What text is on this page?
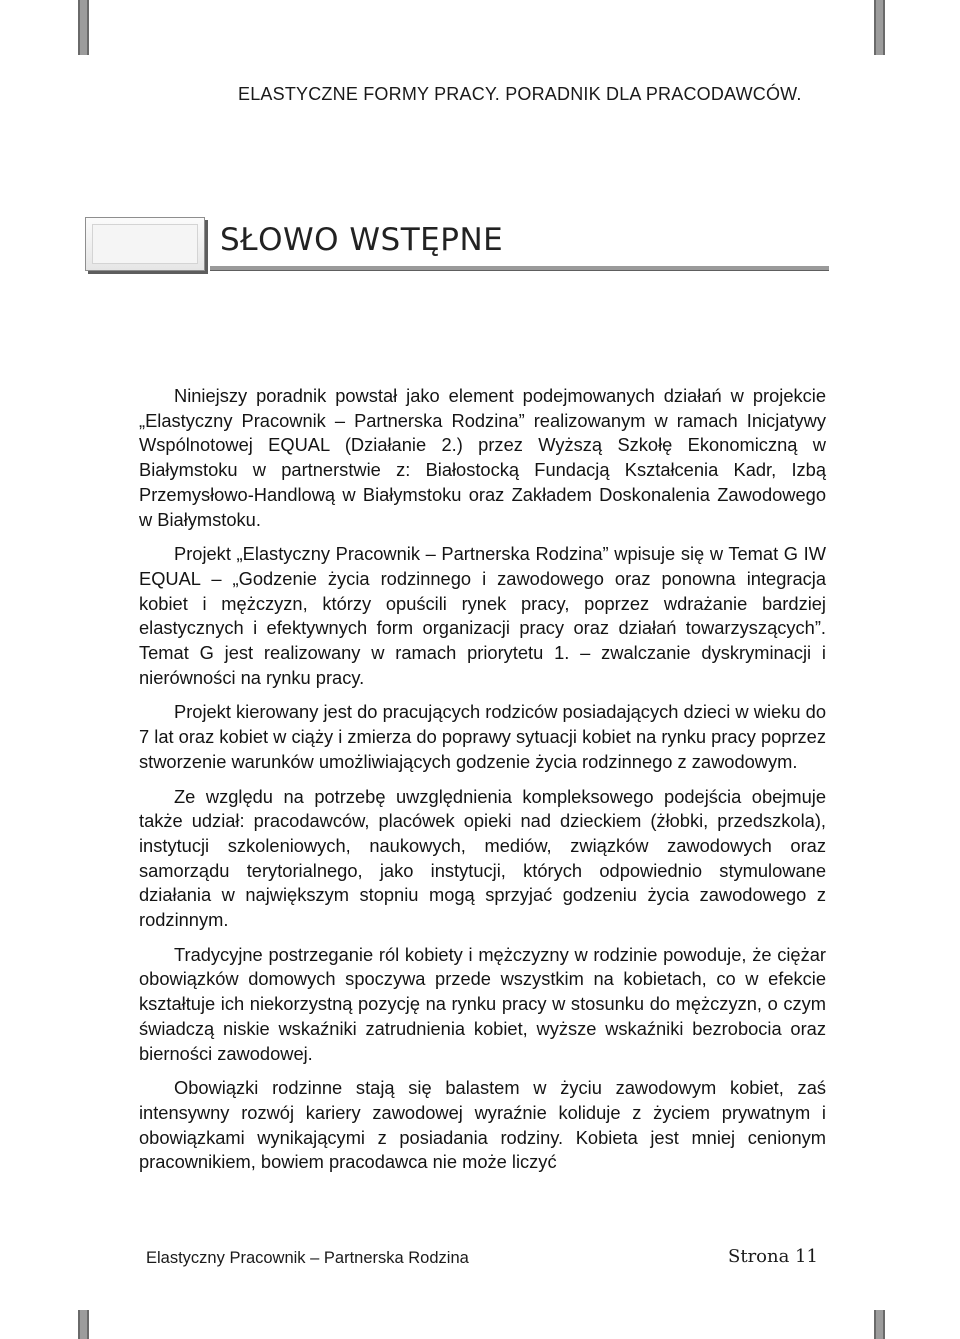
ELASTYCZNE FORMY PRACY. PORADNIK DLA PRACODAWCÓW.
SŁOWO WSTĘPNE

Niniejszy poradnik powstał jako element podejmowanych działań w projekcie „Elastyczny Pracownik – Partnerska Rodzina” realizowanym w ramach Inicjatywy Wspólnotowej EQUAL (Działanie 2.) przez Wyższą Szkołę Ekonomiczną w Białymstoku w partnerstwie z: Białostocką Fundacją Kształcenia Kadr, Izbą Przemysłowo-Handlową w Białymstoku oraz Zakładem Doskonalenia Zawodowego w Białymstoku.

Projekt „Elastyczny Pracownik – Partnerska Rodzina” wpisuje się w Temat G IW EQUAL – „Godzenie życia rodzinnego i zawodowego oraz ponowna integracja kobiet i mężczyzn, którzy opuścili rynek pracy, poprzez wdrażanie bardziej elastycznych i efektywnych form organizacji pracy oraz działań towarzyszących”. Temat G jest realizowany w ramach priorytetu 1. – zwalczanie dyskryminacji i nierówności na rynku pracy.

Projekt kierowany jest do pracujących rodziców posiadających dzieci w wieku do 7 lat oraz kobiet w ciąży i zmierza do poprawy sytuacji kobiet na rynku pracy poprzez stworzenie warunków umożliwiających godzenie życia rodzinnego z zawodowym.

Ze względu na potrzebę uwzględnienia kompleksowego podejścia obejmuje także udział: pracodawców, placówek opieki nad dzieckiem (żłobki, przedszkola), instytucji szkoleniowych, naukowych, mediów, związków zawodowych oraz samorządu terytorialnego, jako instytucji, których odpowiednio stymulowane działania w największym stopniu mogą sprzyjać godzeniu życia zawodowego z rodzinnym.

Tradycyjne postrzeganie ról kobiety i mężczyzny w rodzinie powoduje, że ciężar obowiązków domowych spoczywa przede wszystkim na kobietach, co w efekcie kształtuje ich niekorzystną pozycję na rynku pracy w stosunku do mężczyzn, o czym świadczą niskie wskaźniki zatrudnienia kobiet, wyższe wskaźniki bezrobocia oraz bierności zawodowej.

Obowiązki rodzinne stają się balastem w życiu zawodowym kobiet, zaś intensywny rozwój kariery zawodowej wyraźnie koliduje z życiem prywatnym i obowiązkami wynikającymi z posiadania rodziny. Kobieta jest mniej cenionym pracownikiem, bowiem pracodawca nie może liczyć

Elastyczny Pracownik – Partnerska Rodzina	Strona 11
